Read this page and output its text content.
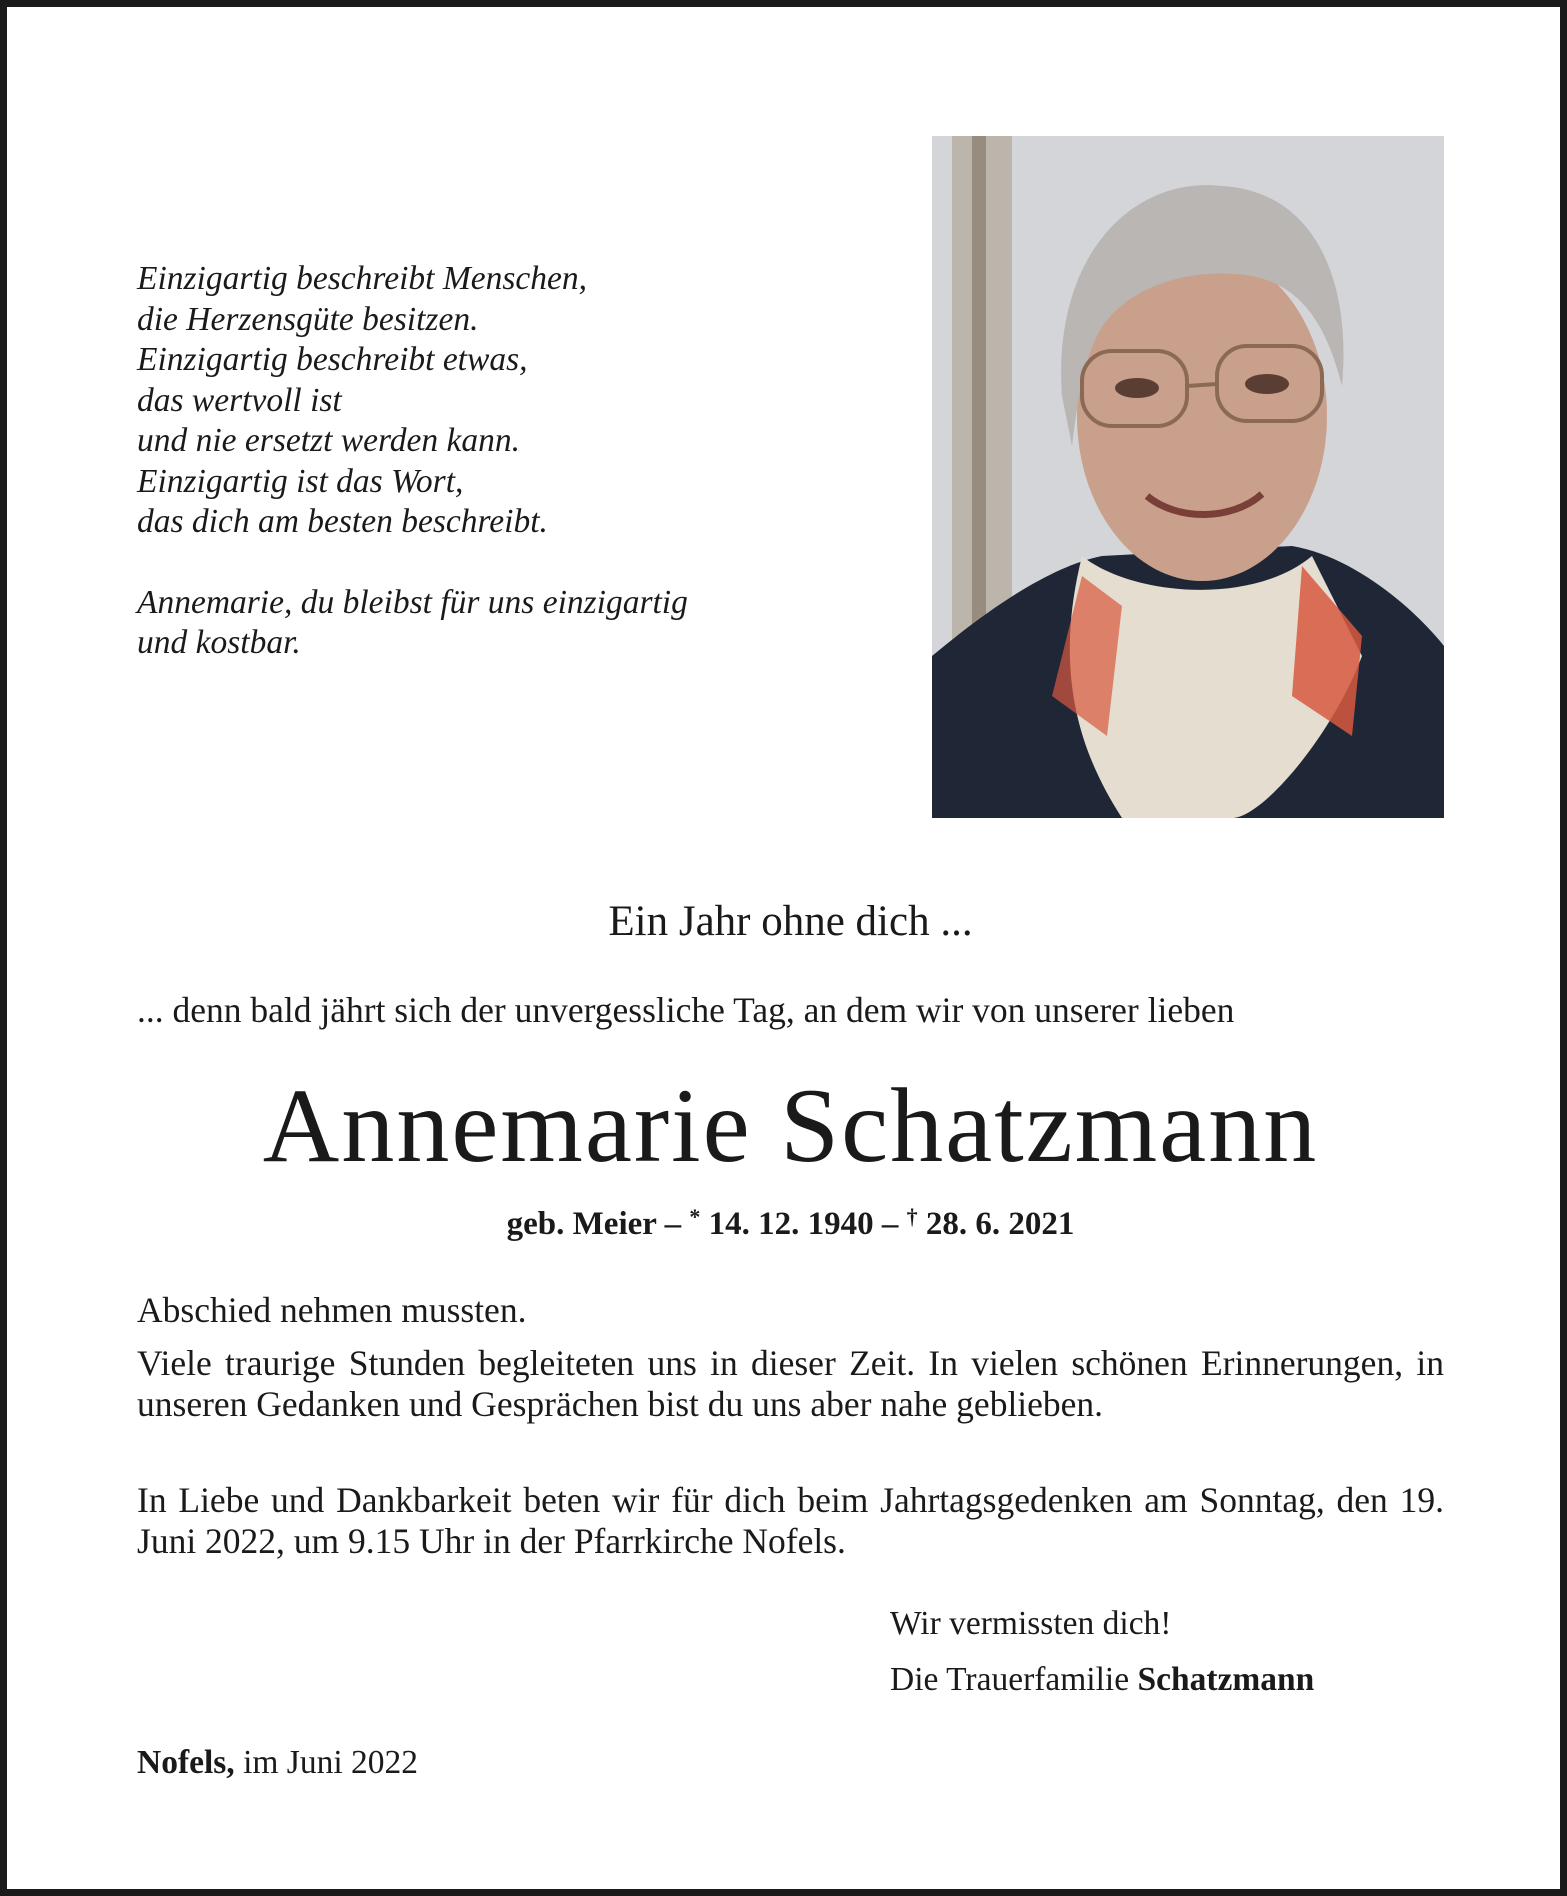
Einzigartig beschreibt Menschen,
die Herzensgüte besitzen.
Einzigartig beschreibt etwas,
das wertvoll ist
und nie ersetzt werden kann.
Einzigartig ist das Wort,
das dich am besten beschreibt.
Annemarie, du bleibst für uns einzigartig
und kostbar.
Ein Jahr ohne dich ...
... denn bald jährt sich der unvergessliche Tag, an dem wir von unserer lieben
Annemarie Schatzmann
geb. Meier – * 14. 12. 1940 – † 28. 6. 2021
Abschied nehmen mussten.
Viele traurige Stunden begleiteten uns in dieser Zeit. In vielen schönen Erinnerungen, in unseren Gedanken und Gesprächen bist du uns aber nahe geblieben.
In Liebe und Dankbarkeit beten wir für dich beim Jahrtagsgedenken am Sonntag, den 19. Juni 2022, um 9.15 Uhr in der Pfarrkirche Nofels.
Wir vermissten dich!
Die Trauerfamilie Schatzmann
Nofels, im Juni 2022
